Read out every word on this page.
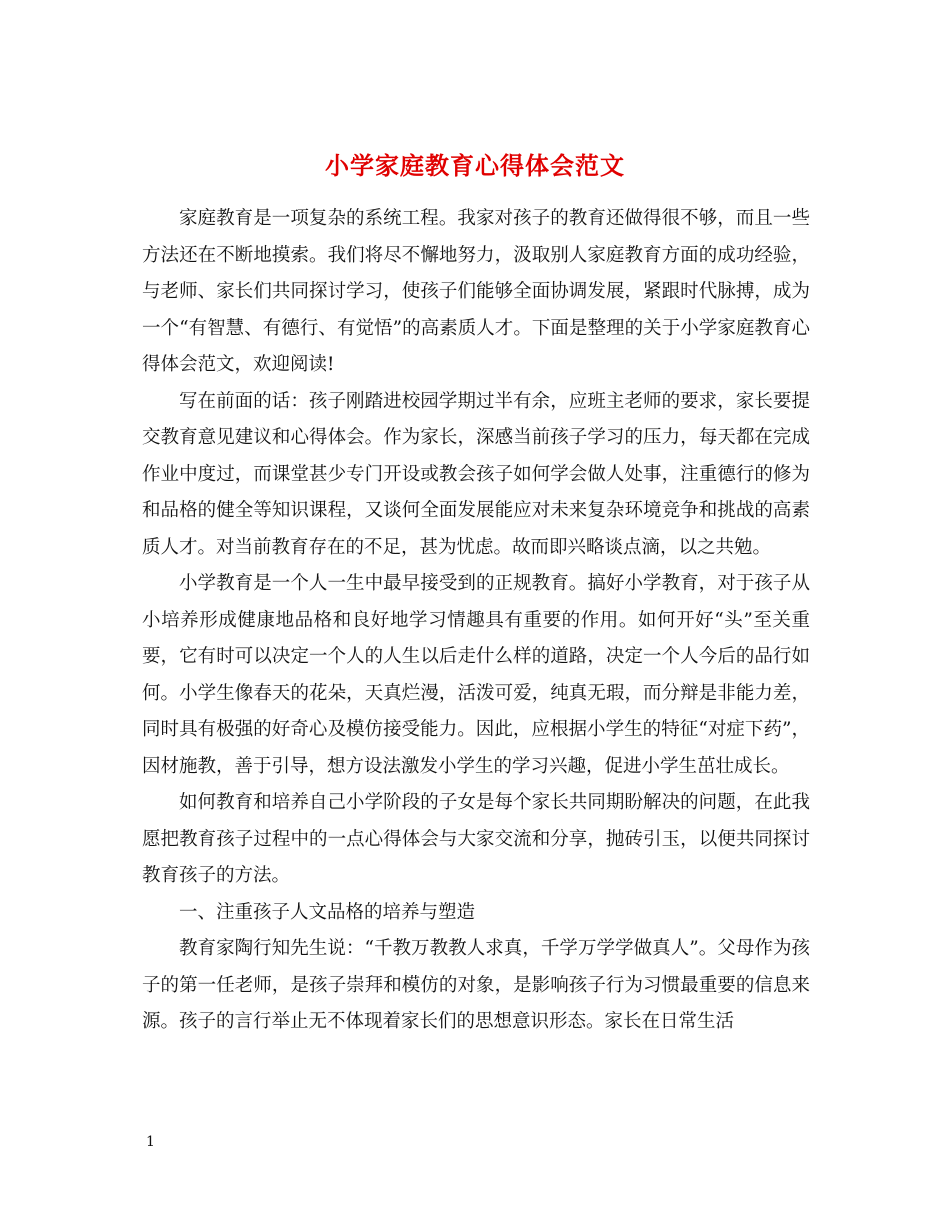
小学家庭教育心得体会范文

家庭教育是一项复杂的系统工程。我家对孩子的教育还做得很不够，而且一些方法还在不断地摸索。我们将尽不懈地努力，汲取别人家庭教育方面的成功经验，与老师、家长们共同探讨学习，使孩子们能够全面协调发展，紧跟时代脉搏，成为一个“有智慧、有德行、有觉悟”的高素质人才。下面是整理的关于小学家庭教育心得体会范文，欢迎阅读!

写在前面的话：孩子刚踏进校园学期过半有余，应班主老师的要求，家长要提交教育意见建议和心得体会。作为家长，深感当前孩子学习的压力，每天都在完成作业中度过，而课堂甚少专门开设或教会孩子如何学会做人处事，注重德行的修为和品格的健全等知识课程，又谈何全面发展能应对未来复杂环境竞争和挑战的高素质人才。对当前教育存在的不足，甚为忧虑。故而即兴略谈点滴，以之共勉。

小学教育是一个人一生中最早接受到的正规教育。搞好小学教育，对于孩子从小培养形成健康地品格和良好地学习情趣具有重要的作用。如何开好“头”至关重要，它有时可以决定一个人的人生以后走什么样的道路，决定一个人今后的品行如何。小学生像春天的花朵，天真烂漫，活泼可爱，纯真无瑕，而分辩是非能力差，同时具有极强的好奇心及模仿接受能力。因此，应根据小学生的特征“对症下药”，因材施教，善于引导，想方设法激发小学生的学习兴趣，促进小学生茁壮成长。

如何教育和培养自己小学阶段的子女是每个家长共同期盼解决的问题，在此我愿把教育孩子过程中的一点心得体会与大家交流和分享，抛砖引玉，以便共同探讨教育孩子的方法。

一、注重孩子人文品格的培养与塑造

教育家陶行知先生说：“千教万教教人求真，千学万学学做真人”。父母作为孩子的第一任老师，是孩子崇拜和模仿的对象，是影响孩子行为习惯最重要的信息来源。孩子的言行举止无不体现着家长们的思想意识形态。家长在日常生活

1
